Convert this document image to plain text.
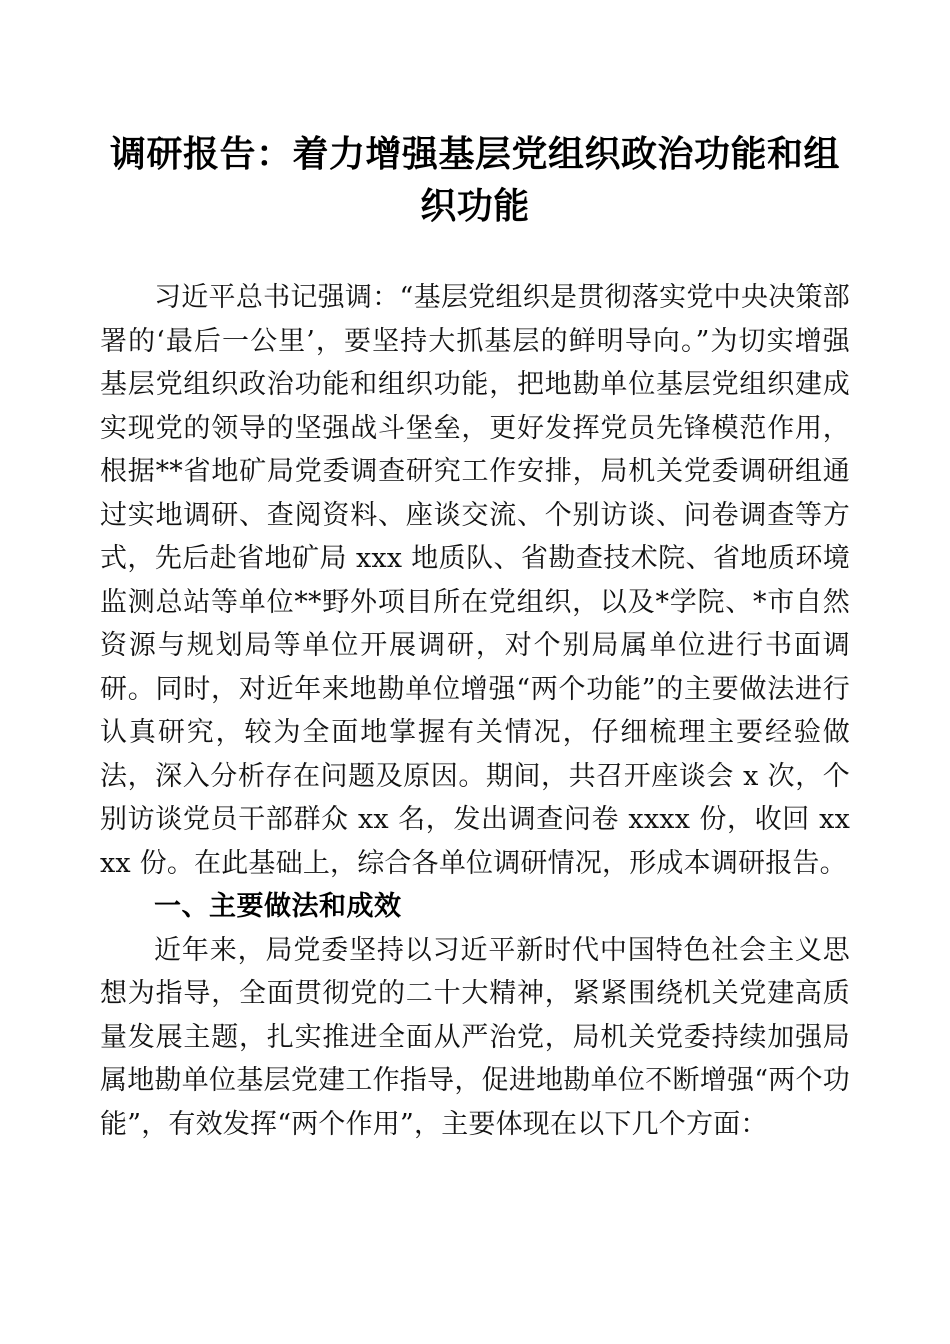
调研报告：着力增强基层党组织政治功能和组织功能

习近平总书记强调：“基层党组织是贯彻落实党中央决策部署的‘最后一公里’，要坚持大抓基层的鲜明导向。”为切实增强基层党组织政治功能和组织功能，把地勘单位基层党组织建成实现党的领导的坚强战斗堡垒，更好发挥党员先锋模范作用，根据**省地矿局党委调查研究工作安排，局机关党委调研组通过实地调研、查阅资料、座谈交流、个别访谈、问卷调查等方式，先后赴省地矿局 xxx 地质队、省勘查技术院、省地质环境监测总站等单位**野外项目所在党组织，以及*学院、*市自然资源与规划局等单位开展调研，对个别局属单位进行书面调研。同时，对近年来地勘单位增强“两个功能”的主要做法进行认真研究，较为全面地掌握有关情况，仔细梳理主要经验做法，深入分析存在问题及原因。期间，共召开座谈会 x 次，个别访谈党员干部群众 xx 名，发出调查问卷 xxxx 份，收回 xxxx 份。在此基础上，综合各单位调研情况，形成本调研报告。

一、主要做法和成效

近年来，局党委坚持以习近平新时代中国特色社会主义思想为指导，全面贯彻党的二十大精神，紧紧围绕机关党建高质量发展主题，扎实推进全面从严治党，局机关党委持续加强局属地勘单位基层党建工作指导，促进地勘单位不断增强“两个功能”，有效发挥“两个作用”，主要体现在以下几个方面：
